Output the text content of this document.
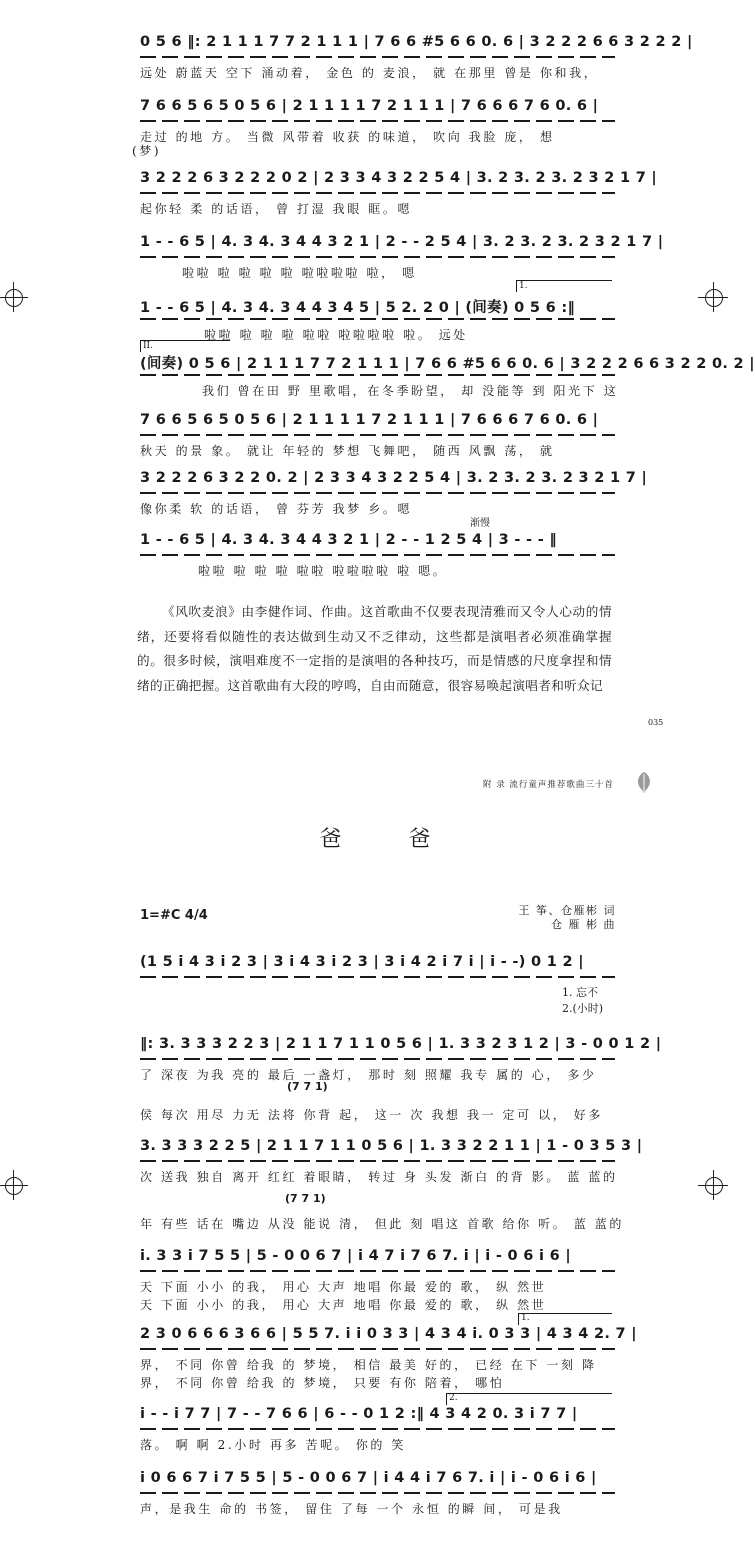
0 5 6 ‖: 2 1 1 1 7 7 2 1 1 1 | 7 6 6 #5 6 6 0. 6 | 3 2 2 2 6 6 3 2 2 2 |
远处 蔚蓝天 空下 涌动着， 金色 的 麦浪， 就 在那里 曾是 你和我，
7 6 6 5 6 5 0 5 6 | 2 1 1 1 1 7 2 1 1 1 | 7 6 6 6 7 6 0. 6 |
走过 的地 方。 当微 风带着 收获 的味道， 吹向 我脸 庞， 想
(梦)
3 2 2 2 6 3 2 2 2 0 2 | 2 3 3 4 3 2 2 5 4 | 3. 2 3. 2 3. 2 3 2 1 7 |
起你轻 柔 的话语， 曾 打湿 我眼 眶。嗯
1 - - 6 5 | 4. 3 4. 3 4 4 3 2 1 | 2 - - 2 5 4 | 3. 2 3. 2 3. 2 3 2 1 7 |
啦啦 啦 啦 啦 啦 啦啦啦啦 啦， 嗯
1.
1 - - 6 5 | 4. 3 4. 3 4 4 3 4 5 | 5 2. 2 0 | (间奏) 0 5 6 :‖
啦啦 啦 啦 啦 啦啦 啦啦啦啦 啦。 远处
II.
(间奏) 0 5 6 | 2 1 1 1 7 7 2 1 1 1 | 7 6 6 #5 6 6 0. 6 | 3 2 2 2 6 6 3 2 2 0. 2 |
我们 曾在田 野 里歌唱，在冬季盼望， 却 没能等 到 阳光下 这
7 6 6 5 6 5 0 5 6 | 2 1 1 1 1 7 2 1 1 1 | 7 6 6 6 7 6 0. 6 |
秋天 的景 象。 就让 年轻的 梦想 飞舞吧， 随西 风飘 荡， 就
3 2 2 2 6 3 2 2 0. 2 | 2 3 3 4 3 2 2 5 4 | 3. 2 3. 2 3. 2 3 2 1 7 |
像你柔 软 的话语， 曾 芬芳 我梦 乡。嗯
渐慢
1 - - 6 5 | 4. 3 4. 3 4 4 3 2 1 | 2 - - 1 2 5 4 | 3 - - - ‖
啦啦 啦 啦 啦 啦啦 啦啦啦啦 啦 嗯。
《风吹麦浪》由李健作词、作曲。这首歌曲不仅要表现清雅而又令人心动的情绪，还要将看似随性的表达做到生动又不乏律动，这些都是演唱者必须准确掌握的。很多时候，演唱难度不一定指的是演唱的各种技巧，而是情感的尺度拿捏和情绪的正确把握。这首歌曲有大段的哼鸣，自由而随意，很容易唤起演唱者和听众记
035
附 录 流行童声推荐歌曲三十首
爸 爸
1=#C 4/4	王 筝、仓雁彬 词
仓 雁 彬 曲
(1 5 i 4 3 i 2 3 | 3 i 4 3 i 2 3 | 3 i 4 2 i 7 i | i - -) 0 1 2 |
1. 忘不
2.(小时)
‖: 3. 3 3 3 2 2 3 | 2 1 1 7 1 1 0 5 6 | 1. 3 3 2 3 1 2 | 3 - 0 0 1 2 |
了 深夜 为我 亮的 最后 一盏灯， 那时 刻 照耀 我专 属的 心， 多少
(7 7 1)
侯 每次 用尽 力无 法将 你背 起， 这一 次 我想 我一 定可 以， 好多
3. 3 3 3 2 2 5 | 2 1 1 7 1 1 0 5 6 | 1. 3 3 2 2 1 1 | 1 - 0 3 5 3 |
次 送我 独自 离开 红红 着眼睛， 转过 身 头发 渐白 的背 影。 蓝 蓝的
(7 7 1)
年 有些 话在 嘴边 从没 能说 清， 但此 刻 唱这 首歌 给你 听。 蓝 蓝的
i. 3 3 i 7 5 5 | 5 - 0 0 6 7 | i 4 7 i 7 6 7. i | i - 0 6 i 6 |
天 下面 小小 的我， 用心 大声 地唱 你最 爱的 歌， 纵 然世
天 下面 小小 的我， 用心 大声 地唱 你最 爱的 歌， 纵 然世
1.
2 3 0 6 6 6 3 6 6 | 5 5 7. i i 0 3 3 | 4 3 4 i. 0 3 3 | 4 3 4 2. 7 |
界， 不同 你曾 给我 的 梦境， 相信 最美 好的， 已经 在下 一刻 降
界， 不同 你曾 给我 的 梦境， 只要 有你 陪着， 哪怕
2.
i - - i 7 7 | 7 - - 7 6 6 | 6 - - 0 1 2 :‖ 4 3 4 2 0. 3 i 7 7 |
落。 啊 啊 2.小时 再多 苦呢。 你的 笑
i 0 6 6 7 i 7 5 5 | 5 - 0 0 6 7 | i 4 4 i 7 6 7. i | i - 0 6 i 6 |
声，是我生 命的 书签， 留住 了每 一个 永恒 的瞬 间， 可是我
